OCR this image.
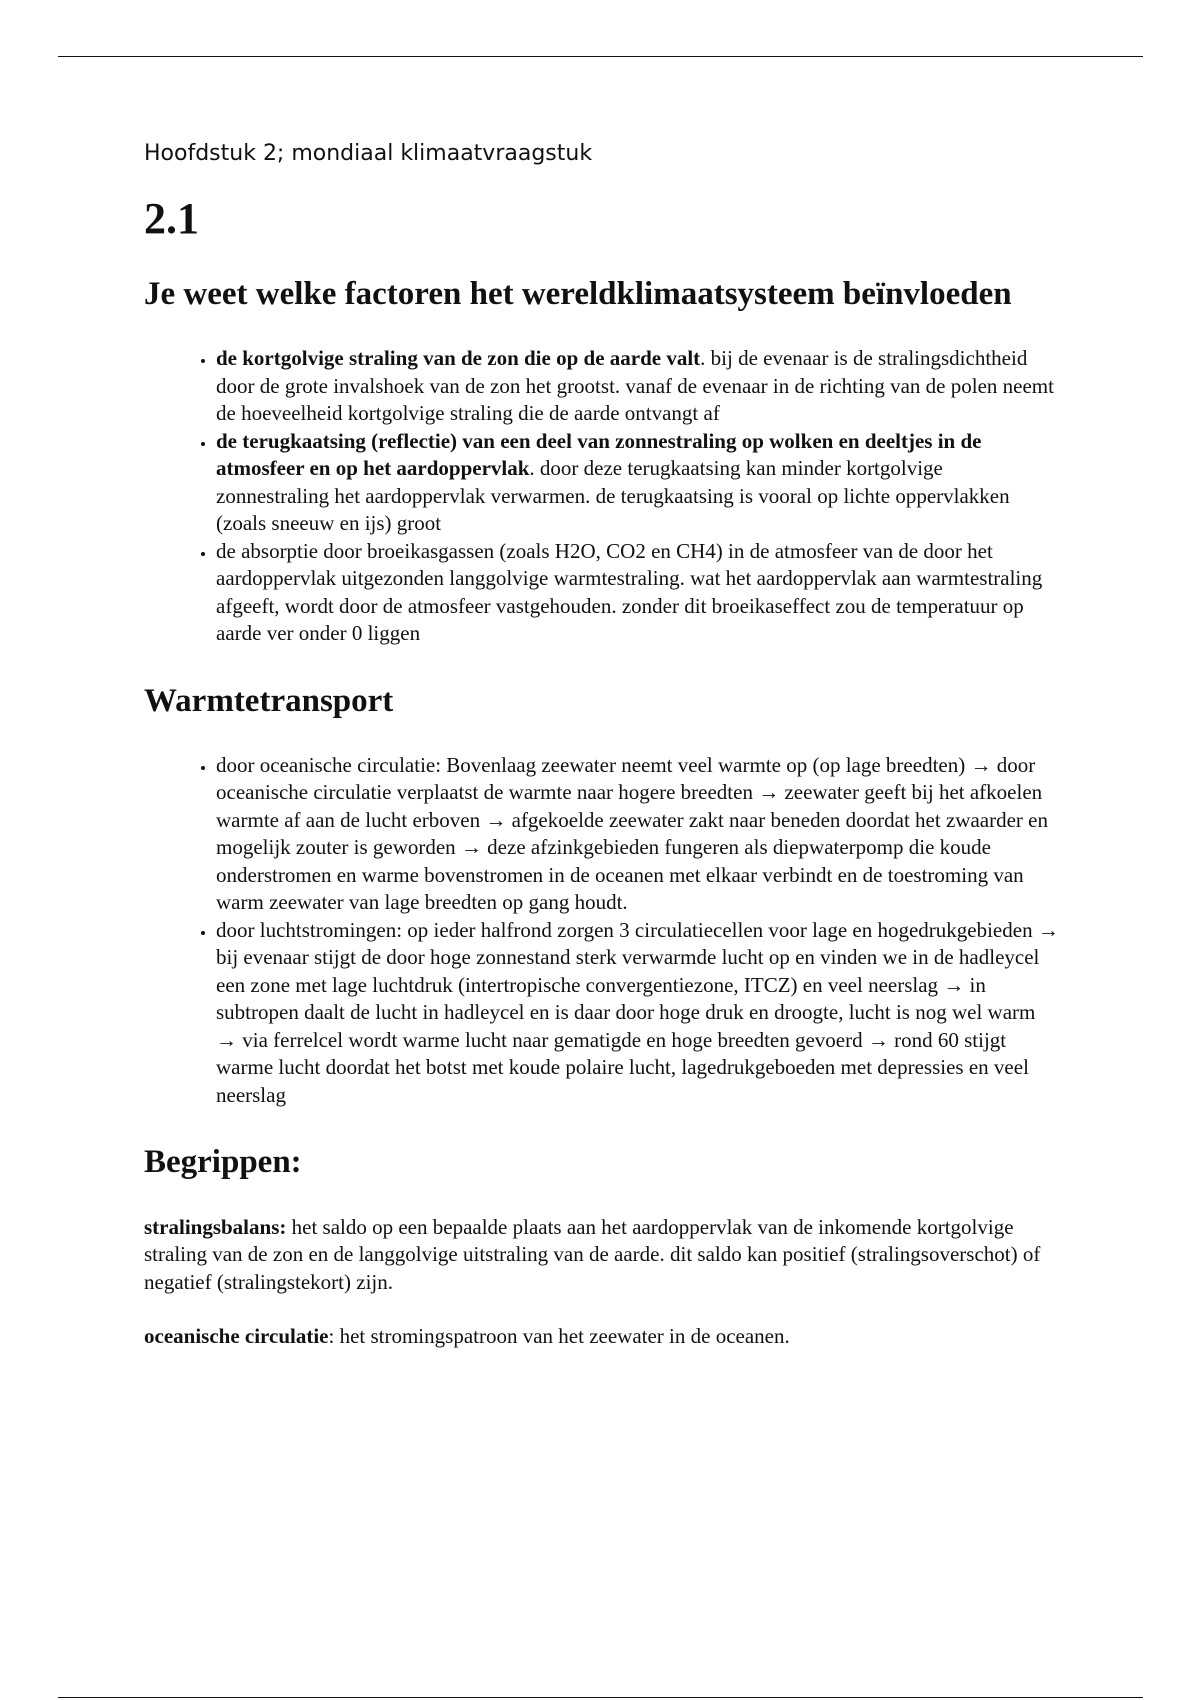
Hoofdstuk 2; mondiaal klimaatvraagstuk
2.1
Je weet welke factoren het wereldklimaatsysteem beïnvloeden
• de kortgolvige straling van de zon die op de aarde valt. bij de evenaar is de stralingsdichtheid door de grote invalshoek van de zon het grootst. vanaf de evenaar in de richting van de polen neemt de hoeveelheid kortgolvige straling die de aarde ontvangt af
• de terugkaatsing (reflectie) van een deel van zonnestraling op wolken en deeltjes in de atmosfeer en op het aardoppervlak. door deze terugkaatsing kan minder kortgolvige zonnestraling het aardoppervlak verwarmen. de terugkaatsing is vooral op lichte oppervlakken (zoals sneeuw en ijs) groot
• de absorptie door broeikasgassen (zoals H2O, CO2 en CH4) in de atmosfeer van de door het aardoppervlak uitgezonden langgolvige warmtestraling. wat het aardoppervlak aan warmtestraling afgeeft, wordt door de atmosfeer vastgehouden. zonder dit broeikaseffect zou de temperatuur op aarde ver onder 0 liggen
Warmtetransport
• door oceanische circulatie: Bovenlaag zeewater neemt veel warmte op (op lage breedten) → door oceanische circulatie verplaatst de warmte naar hogere breedten → zeewater geeft bij het afkoelen warmte af aan de lucht erboven → afgekoelde zeewater zakt naar beneden doordat het zwaarder en mogelijk zouter is geworden → deze afzinkgebieden fungeren als diepwaterpomp die koude onderstromen en warme bovenstromen in de oceanen met elkaar verbindt en de toestroming van warm zeewater van lage breedten op gang houdt.
• door luchtstromingen: op ieder halfrond zorgen 3 circulatiecellen voor lage en hogedrukgebieden → bij evenaar stijgt de door hoge zonnestand sterk verwarmde lucht op en vinden we in de hadleycel een zone met lage luchtdruk (intertropische convergentiezone, ITCZ) en veel neerslag → in subtropen daalt de lucht in hadleycel en is daar door hoge druk en droogte, lucht is nog wel warm → via ferrelcel wordt warme lucht naar gematigde en hoge breedten gevoerd → rond 60 stijgt warme lucht doordat het botst met koude polaire lucht, lagedrukgeboeden met depressies en veel neerslag
Begrippen:

stralingsbalans: het saldo op een bepaalde plaats aan het aardoppervlak van de inkomende kortgolvige straling van de zon en de langgolvige uitstraling van de aarde. dit saldo kan positief (stralingsoverschot) of negatief (stralingstekort) zijn.

oceanische circulatie: het stromingspatroon van het zeewater in de oceanen.
